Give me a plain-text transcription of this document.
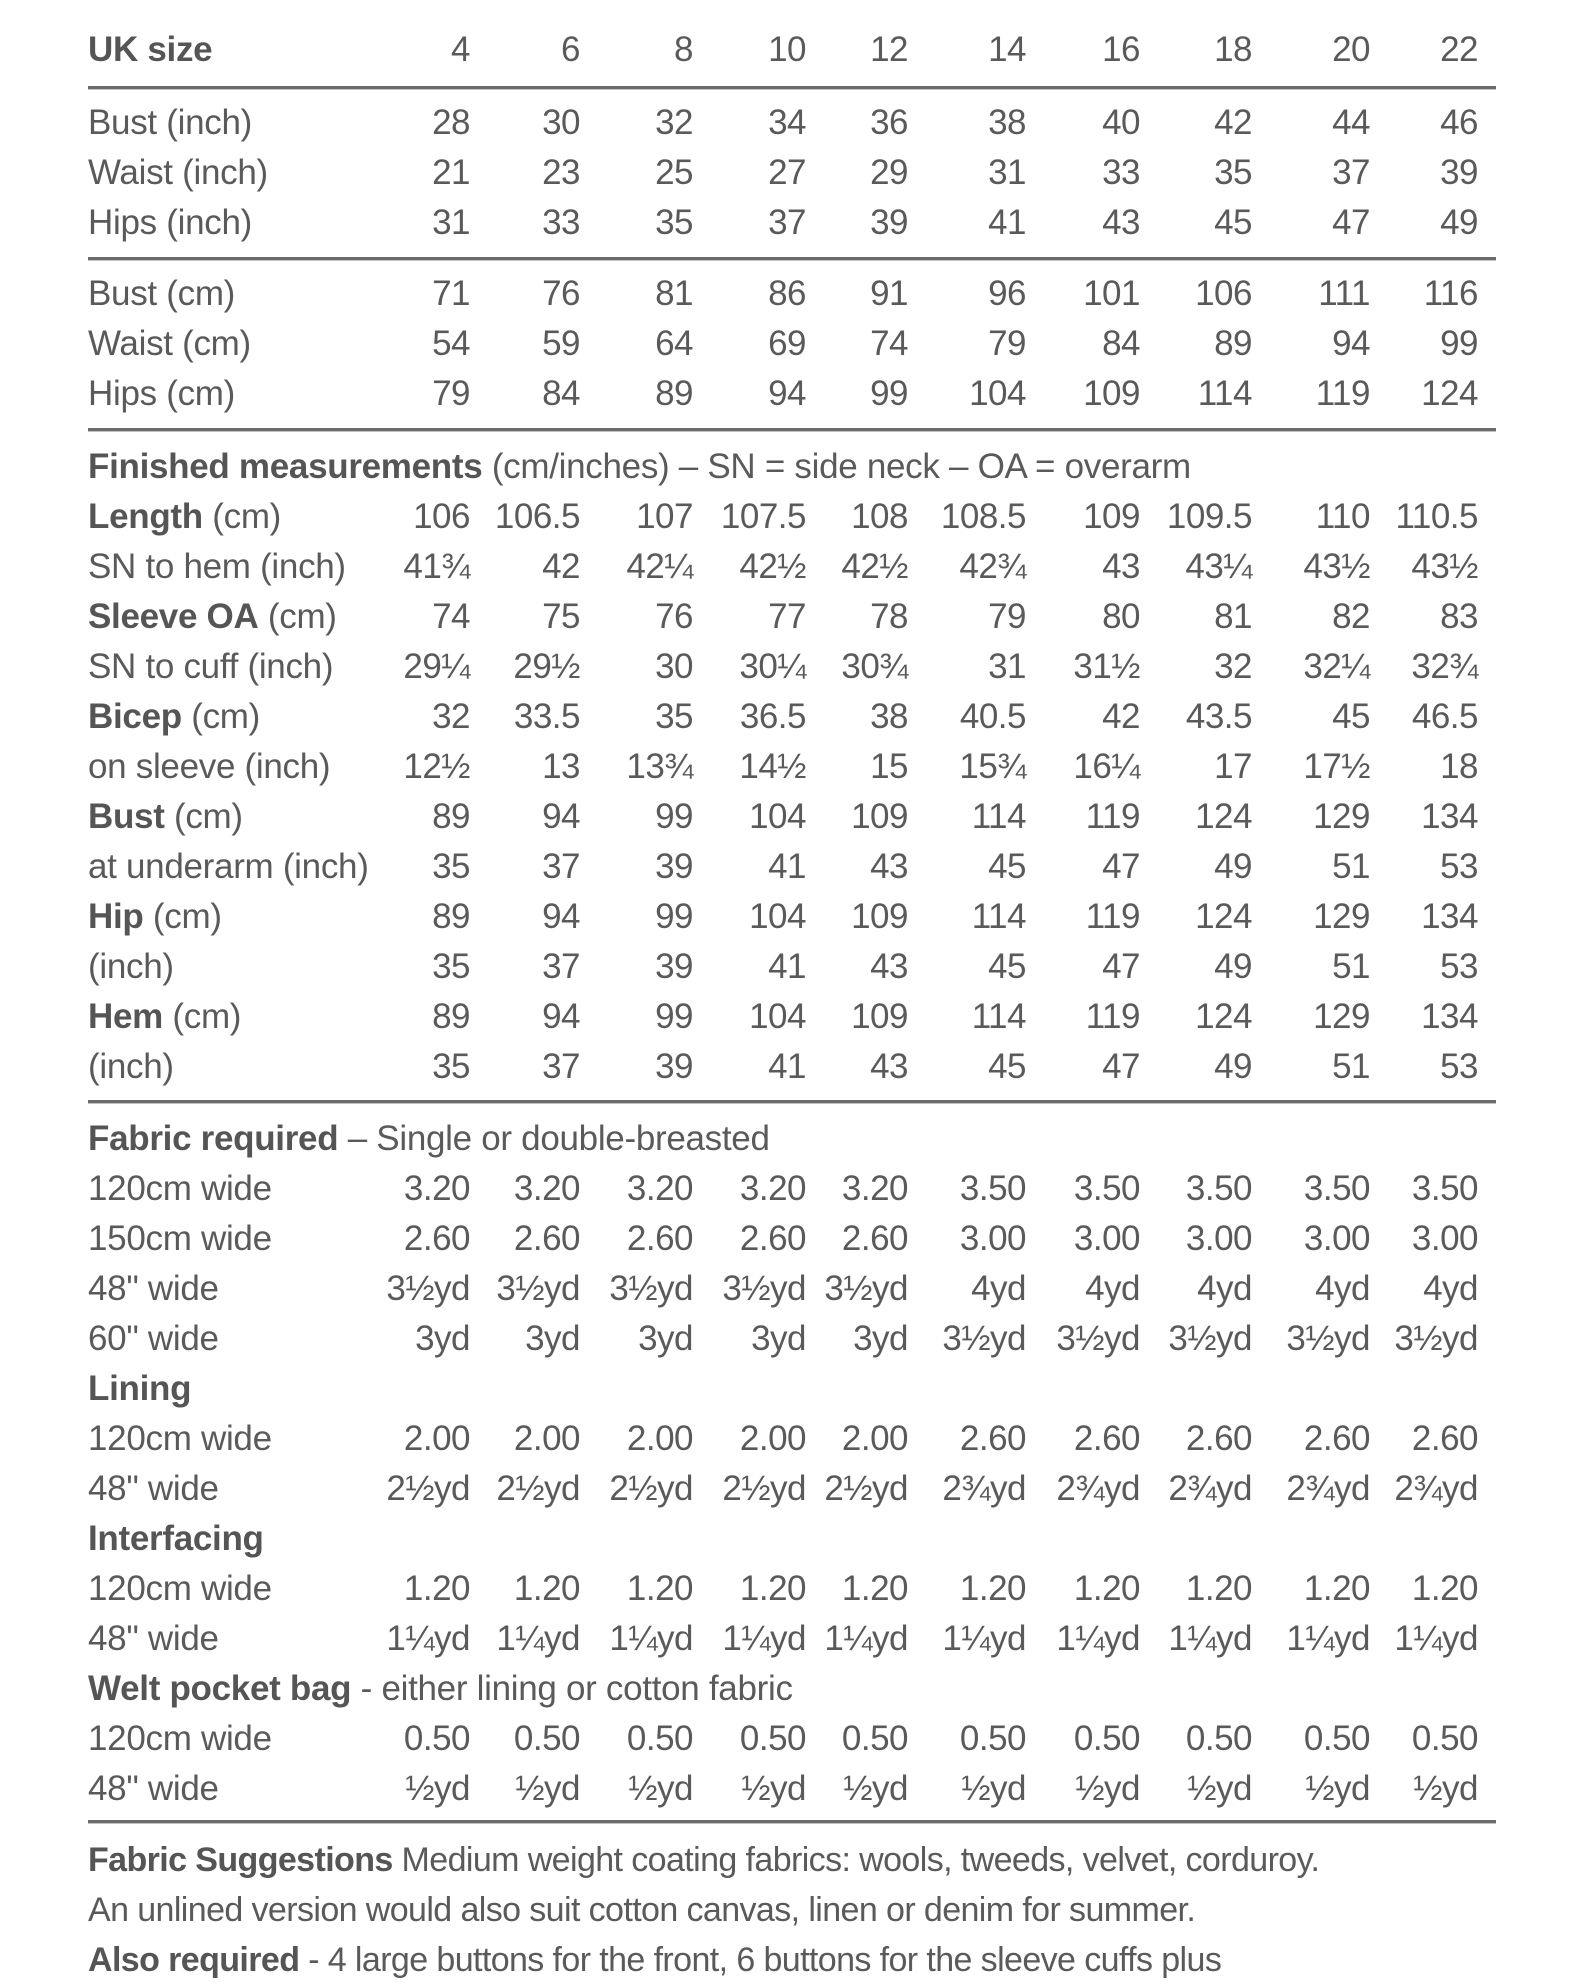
UK size	4	6	8	10	12	14	16	18	20	22
Bust (inch)	28	30	32	34	36	38	40	42	44	46
Waist (inch)	21	23	25	27	29	31	33	35	37	39
Hips (inch)	31	33	35	37	39	41	43	45	47	49
Bust (cm)	71	76	81	86	91	96	101	106	111	116
Waist (cm)	54	59	64	69	74	79	84	89	94	99
Hips (cm)	79	84	89	94	99	104	109	114	119	124
Length (cm)	106 106.5	107 107.5	108 108.5	109 109.5	110 110.5
SN to hem (inch)	41¾	42	42¼	42½	42½	42¾	43	43¼	43½	43½
Sleeve OA (cm)	74	75	76	77	78	79	80	81	82	83
SN to cuff (inch)	29¼	29½	30	30¼	30¾	31	31½	32	32¼	32¾
Bicep (cm)	32	33.5	35	36.5	38	40.5	42	43.5	45	46.5
on sleeve (inch)	12½	13	13¾	14½	15	15¾	16¼	17	17½	18
Bust (cm)	89	94	99	104	109	114	119	124	129	134
at underarm (inch)	35	37	39	41	43	45	47	49	51	53
Hip (cm)	89	94	99	104	109	114	119	124	129	134
(inch)	35	37	39	41	43	45	47	49	51	53
Hem (cm)	89	94	99	104	109	114	119	124	129	134
(inch)	35	37	39	41	43	45	47	49	51	53
120cm wide	3.20	3.20	3.20	3.20	3.20	3.50	3.50	3.50	3.50	3.50
150cm wide	2.60	2.60	2.60	2.60	2.60	3.00	3.00	3.00	3.00	3.00
48" wide	3½yd 3½yd 3½yd 3½yd 3½yd	4yd	4yd	4yd	4yd	4yd
60" wide	3yd	3yd	3yd	3yd	3yd 3½yd 3½yd 3½yd 3½yd 3½yd
120cm wide	2.00	2.00	2.00	2.00	2.00	2.60	2.60	2.60	2.60	2.60
48" wide	2½yd 2½yd 2½yd 2½yd 2½yd 2¾yd 2¾yd 2¾yd 2¾yd 2¾yd
120cm wide	1.20	1.20	1.20	1.20	1.20	1.20	1.20	1.20	1.20	1.20
48" wide	1¼yd 1¼yd 1¼yd 1¼yd 1¼yd 1¼yd 1¼yd 1¼yd 1¼yd 1¼yd
120cm wide	0.50	0.50	0.50	0.50	0.50	0.50	0.50	0.50	0.50	0.50
48" wide	½yd	½yd	½yd	½yd	½yd	½yd	½yd	½yd	½yd	½yd
Finished measurements (cm/inches) – SN = side neck – OA = overarm
Fabric required – Single or double-breasted
Lining
Interfacing
Welt pocket bag - either lining or cotton fabric
Fabric Suggestions Medium weight coating fabrics: wools, tweeds, velvet, corduroy.
An unlined version would also suit cotton canvas, linen or denim for summer.
Also required - 4 large buttons for the front, 6 buttons for the sleeve cuffs plus
